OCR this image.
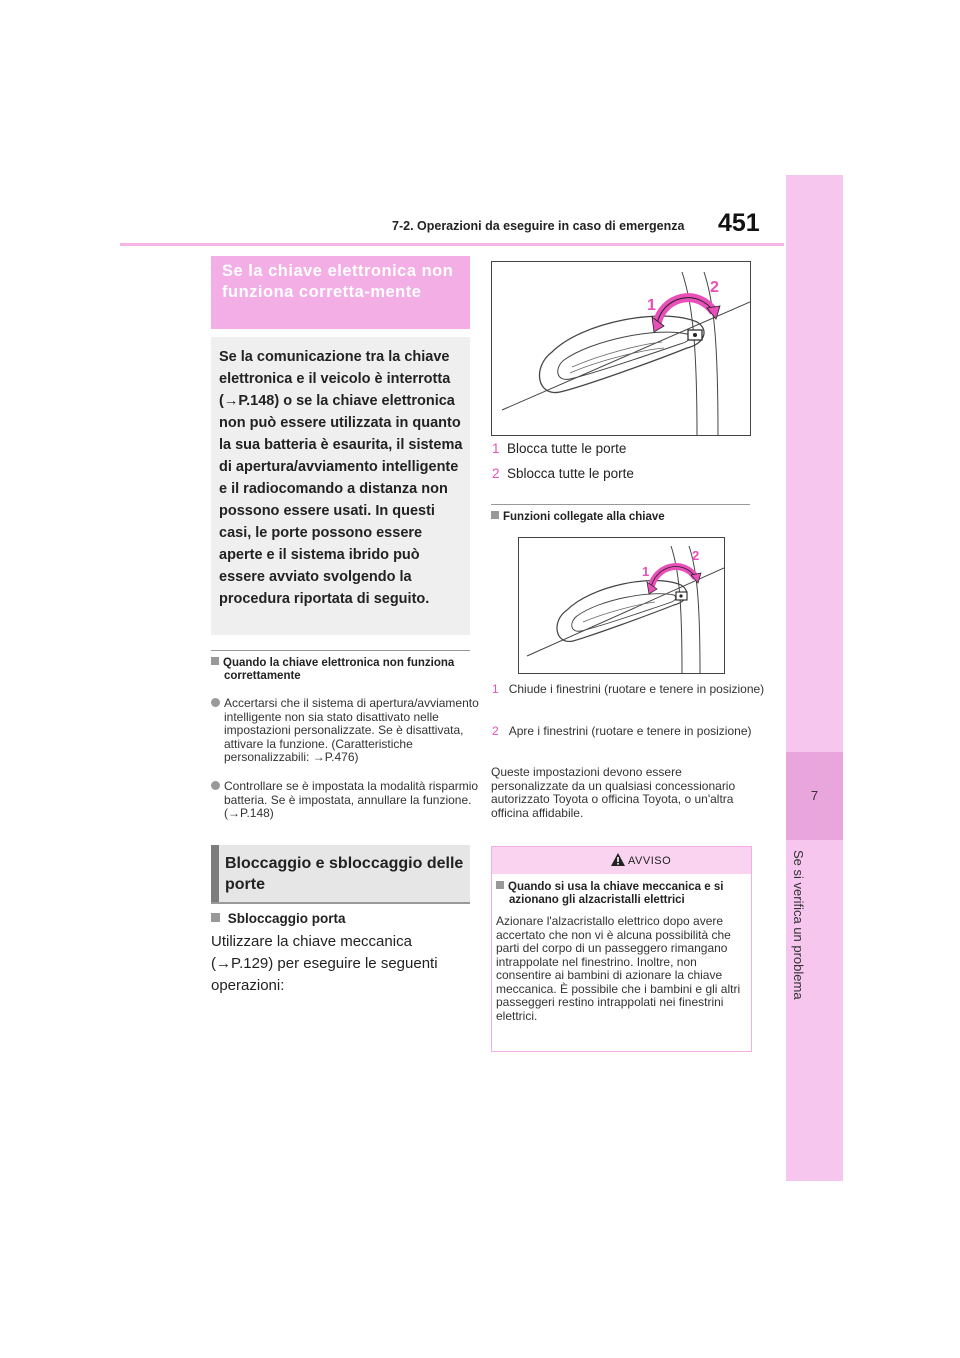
7-2. Operazioni da eseguire in caso di emergenza 451
7
Se si verifica un problema
Se la chiave elettronica non funziona corretta-mente

Se la comunicazione tra la chiave elettronica e il veicolo è interrotta (→P.148) o se la chiave elettronica non può essere utilizzata in quanto la sua batteria è esaurita, il sistema di apertura/avviamento intelligente e il radiocomando a distanza non possono essere usati. In questi casi, le porte possono essere aperte e il sistema ibrido può essere avviato svolgendo la procedura riportata di seguito.

Quando la chiave elettronica non funziona correttamente
Accertarsi che il sistema di apertura/avviamento intelligente non sia stato disattivato nelle impostazioni personalizzate. Se è disattivata, attivare la funzione. (Caratteristiche personalizzabili: →P.476)
Controllare se è impostata la modalità risparmio batteria. Se è impostata, annullare la funzione. (→P.148)
Bloccaggio e sbloccaggio delle porte
Sbloccaggio porta
Utilizzare la chiave meccanica (→P.129) per eseguire le seguenti operazioni:
1
2
1 Blocca tutte le porte
2 Sblocca tutte le porte
Funzioni collegate alla chiave
1
2
1 Chiude i finestrini (ruotare e tenere in posizione)
2 Apre i finestrini (ruotare e tenere in posizione)
Queste impostazioni devono essere personalizzate da un qualsiasi concessionario autorizzato Toyota o officina Toyota, o un'altra officina affidabile.
AVVISO
Quando si usa la chiave meccanica e si azionano gli alzacristalli elettrici
Azionare l'alzacristallo elettrico dopo avere accertato che non vi è alcuna possibilità che parti del corpo di un passeggero rimangano intrappolate nel finestrino. Inoltre, non consentire ai bambini di azionare la chiave meccanica. È possibile che i bambini e gli altri passeggeri restino intrappolati nei finestrini elettrici.
